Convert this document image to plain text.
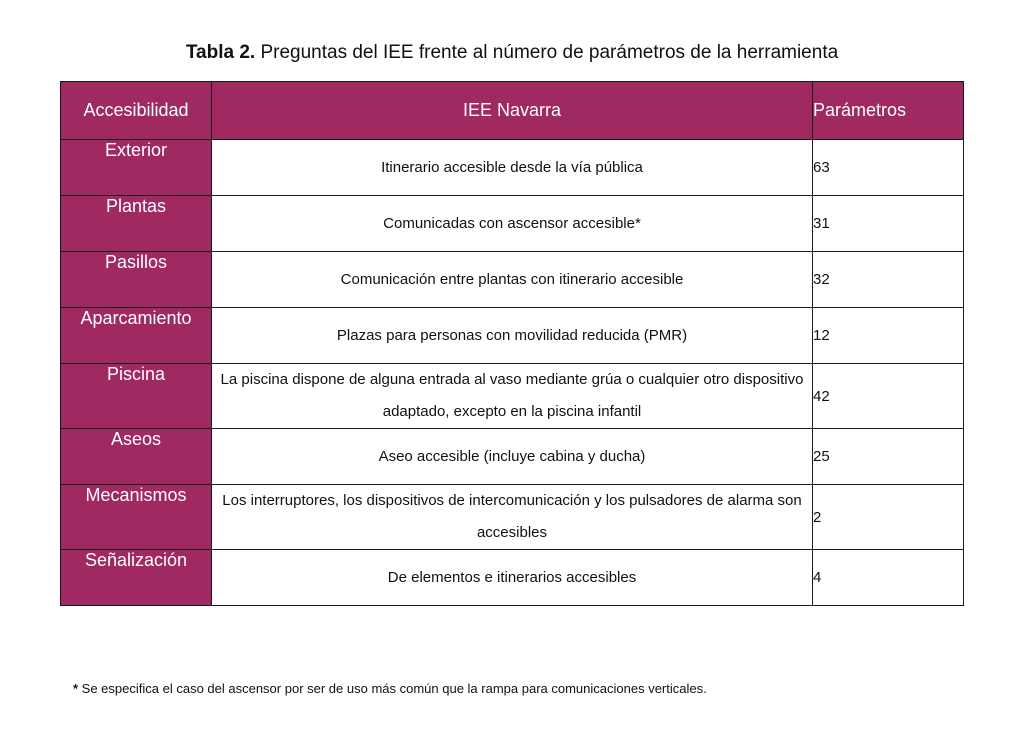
Tabla 2. Preguntas del IEE frente al número de parámetros de la herramienta
Accesibilidad	IEE Navarra	Parámetros
Exterior	Itinerario accesible desde la vía pública	63
Plantas	Comunicadas con ascensor accesible*	31
Pasillos	Comunicación entre plantas con itinerario accesible	32
Aparcamiento	Plazas para personas con movilidad reducida (PMR)	12
Piscina	La piscina dispone de alguna entrada al vaso mediante grúa o cualquier otro dispositivo adaptado, excepto en la piscina infantil	42
Aseos	Aseo accesible (incluye cabina y ducha)	25
Mecanismos	Los interruptores, los dispositivos de intercomunicación y los pulsadores de alarma son accesibles	2
Señalización	De elementos e itinerarios accesibles	4
* Se especifica el caso del ascensor por ser de uso más común que la rampa para comunicaciones verticales.
